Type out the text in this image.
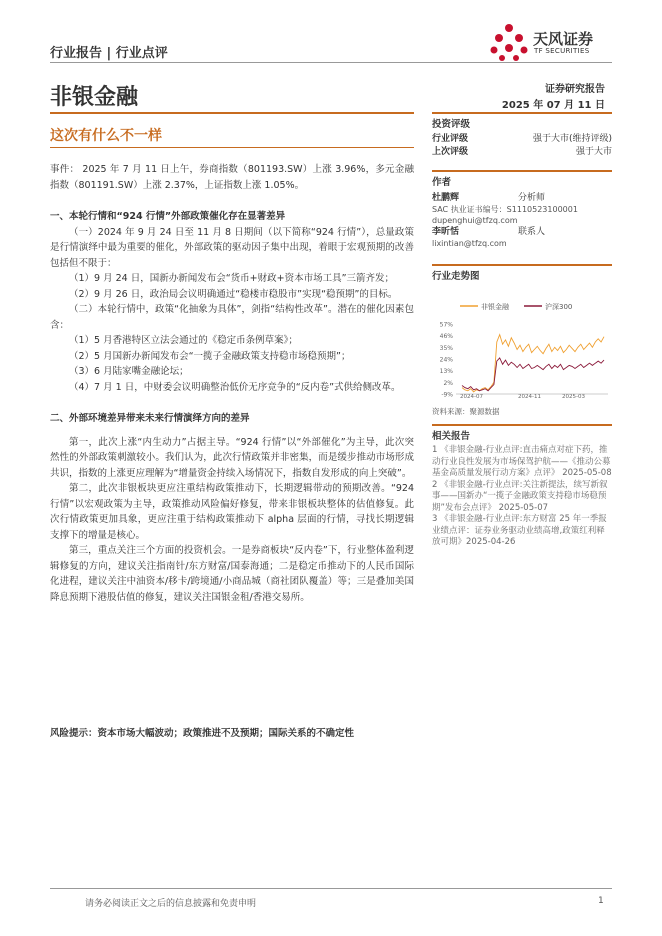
行业报告 | 行业点评
天风证券
TF SECURITIES
非银金融	证券研究报告
2025 年 07 月 11 日
这次有什么不一样

事件： 2025 年 7 月 11 日上午，券商指数（801193.SW）上涨 3.96%，多元金融指数（801191.SW）上涨 2.37%，上证指数上涨 1.05%。

一、本轮行情和“924 行情”外部政策催化存在显著差异

（一）2024 年 9 月 24 日至 11 月 8 日期间（以下简称“924 行情”），总量政策是行情演绎中最为重要的催化，外部政策的驱动因子集中出现，着眼于宏观预期的改善包括但不限于：

（1）9 月 24 日，国新办新闻发布会“货币+财政+资本市场工具”三箭齐发；

（2）9 月 26 日，政治局会议明确通过“稳楼市稳股市”实现“稳预期”的目标。

（二）本轮行情中，政策“化抽象为具体”，剑指“结构性改革”。潜在的催化因素包含：

（1）5 月香港特区立法会通过的《稳定币条例草案》；

（2）5 月国新办新闻发布会“一揽子金融政策支持稳市场稳预期”；

（3）6 月陆家嘴金融论坛；

（4）7 月 1 日，中财委会议明确整治低价无序竞争的“反内卷”式供给侧改革。

二、外部环境差异带来未来行情演绎方向的差异

第一，此次上涨“内生动力”占据主导。“924 行情”以“外部催化”为主导，此次突然性的外部政策刺激较小。我们认为，此次行情政策并非密集，而是缓步推动市场形成共识，指数的上涨更应理解为“增量资金持续入场情况下，指数自发形成的向上突破”。

第二，此次非银板块更应注重结构政策推动下，长期逻辑带动的预期改善。“924 行情”以宏观政策为主导，政策推动风险偏好修复，带来非银板块整体的估值修复。此次行情政策更加具象，更应注重于结构政策推动下 alpha 层面的行情，寻找长期逻辑支撑下的增量是核心。

第三，重点关注三个方面的投资机会。一是券商板块“反内卷”下，行业整体盈利逻辑修复的方向，建议关注指南针/东方财富/国泰海通；二是稳定币推动下的人民币国际化进程，建议关注中油资本/移卡/跨境通/小商品城（商社团队覆盖）等；三是叠加美国降息预期下港股估值的修复，建议关注国银金租/香港交易所。

风险提示：资本市场大幅波动；政策推进不及预期；国际关系的不确定性
投资评级
行业评级	强于大市(维持评级)
上次评级	强于大市
作者
杜鹏辉	分析师
SAC 执业证书编号：S1110523100001
dupenghui@tfzq.com
李昕恬	联系人
lixintian@tfzq.com
行业走势图
非银金融	沪深300
57%
46%
35%
24%
13%
2%
-9% 2024-07	2024-11	2025-03
资料来源：聚源数据
相关报告

1 《非银金融-行业点评:直击痛点对症下药，推动行业良性发展为市场保驾护航——《推动公募基金高质量发展行动方案》点评》 2025-05-08

2 《非银金融-行业点评:关注新提法，续写新叙事——国新办“一揽子金融政策支持稳市场稳预期”发布会点评》 2025-05-07

3 《非银金融-行业点评:东方财富 25 年一季报业绩点评：证券业务驱动业绩高增,政策红利释放可期》2025-04-26

请务必阅读正文之后的信息披露和免责申明	1
